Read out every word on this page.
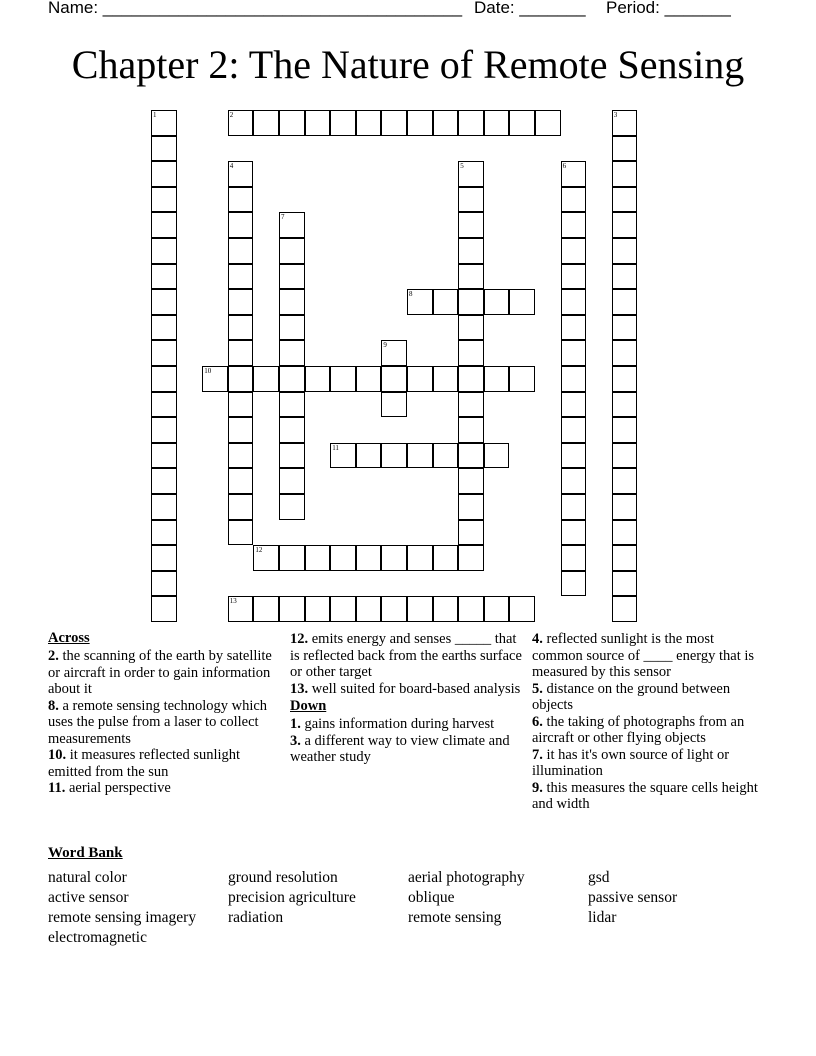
Name: ______________________________________

Date: _______

Period: _______

Chapter 2: The Nature of Remote Sensing
1	2	3
4	5	6
7
8
9
10
11
12
13
Across

2. the scanning of the earth by satellite or aircraft in order to gain information about it

8. a remote sensing technology which uses the pulse from a laser to collect measurements

10. it measures reflected sunlight emitted from the sun

11. aerial perspective

12. emits energy and senses _____ that is reflected back from the earths surface or other target

13. well suited for board-based analysis

Down

1. gains information during harvest

3. a different way to view climate and weather study

4. reflected sunlight is the most common source of ____ energy that is measured by this sensor

5. distance on the ground between objects

6. the taking of photographs from an aircraft or other flying objects

7. it has it's own source of light or illumination

9. this measures the square cells height and width

Word Bank
natural color
active sensor
remote sensing imagery
electromagnetic
ground resolution
precision agriculture
radiation
aerial photography
oblique
remote sensing
gsd
passive sensor
lidar
